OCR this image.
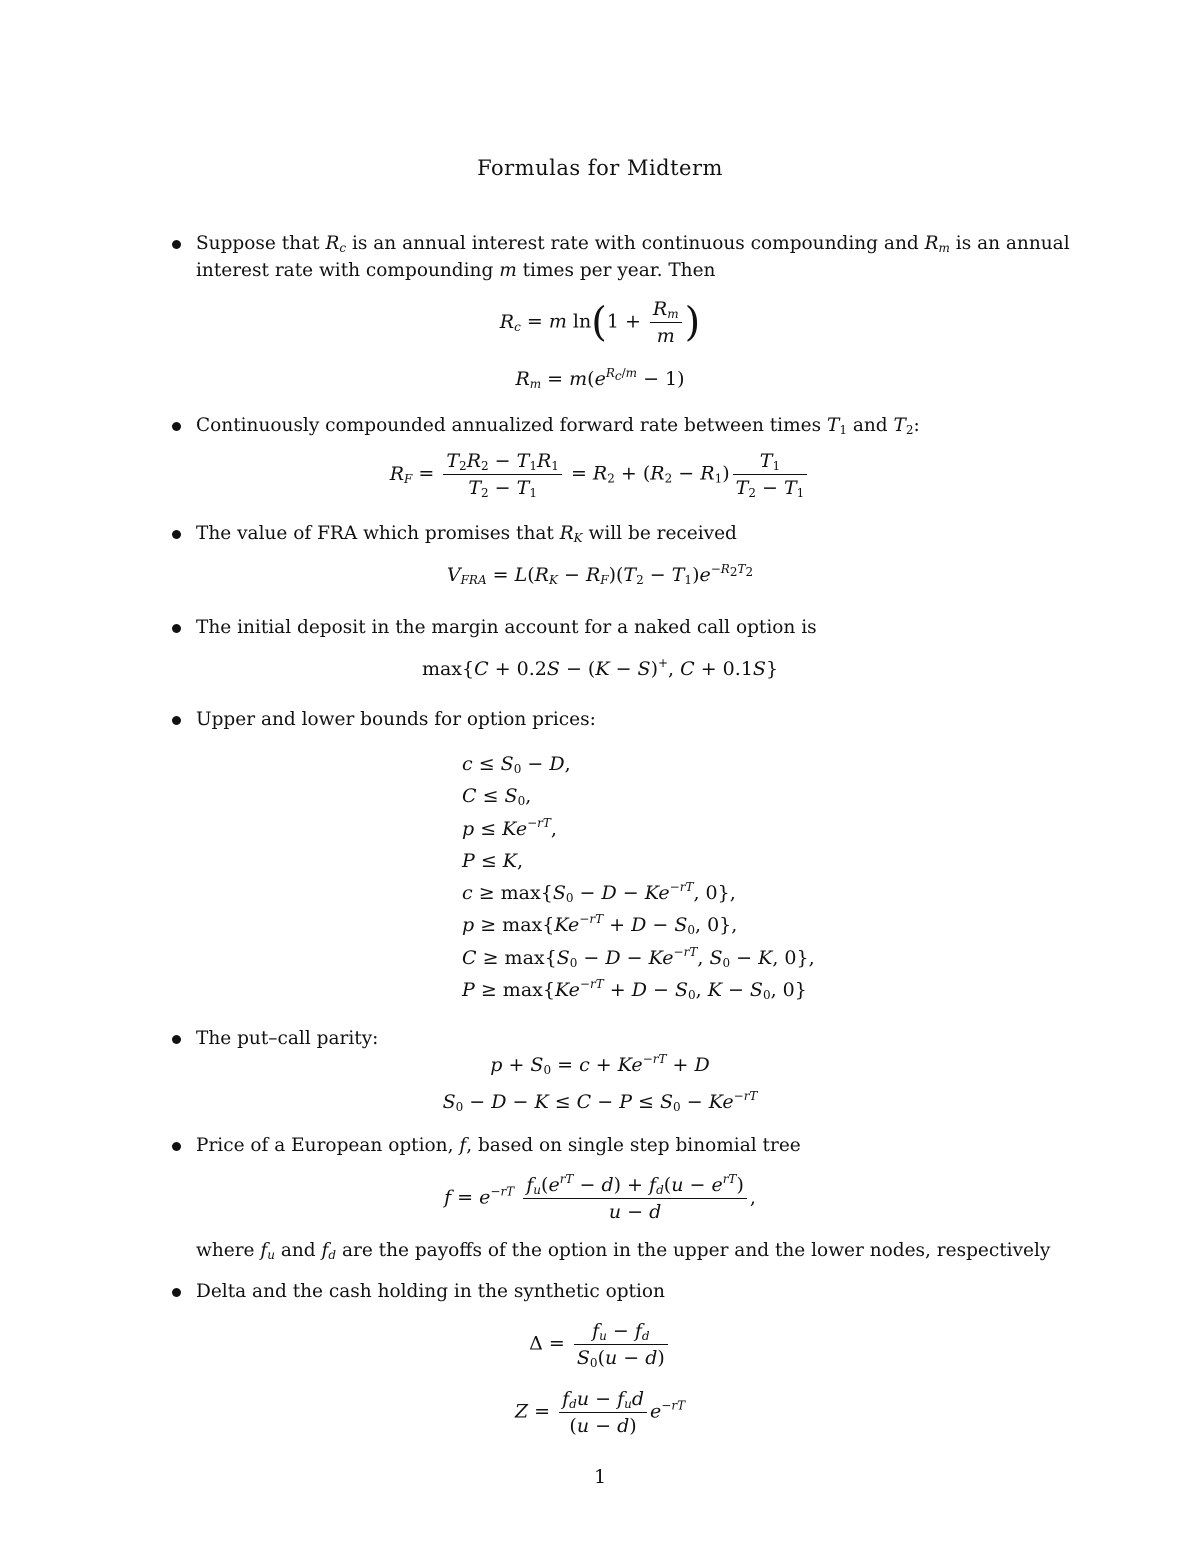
Formulas for Midterm
Suppose that $R_c$ is an annual interest rate with continuous compounding and $R_m$ is an annual interest rate with compounding m times per year. Then
$R_c = m$ $\ln(1 + \frac{R_m}{m}$ )
$R_m = m(e^{R_c/m} - 1)$
Continuously compounded annualized forward rate between times $T_1$ and $T_2$:
$R_F = \frac{T_2R_2 - T_1R_1}{T_2 - T_1} = R_2 + (R_2 - R_1) \frac{T_1}{T_2 - T_1}$
The value of FRA which promises that $R_K$ will be received
$V_{FRA} = L(R_K - R_F)(T_2 - T_1)e^{-R_2T_2}$
The initial deposit in the margin account for a naked call option is
max{C + 0.2S − (K − S)+, C + 0.1S}
Upper and lower bounds for option prices:
$c \le S_0 - D$,
$C \le S_0$,
$p \le Ke^{-rT}$,
P ≤ K,
$c \ge \max\{S_0 - D - Ke^{-rT}$, 0},
$p \ge \max\{Ke^{-rT} + D - S_0$, 0},
$C \ge \max\{S_0 - D - Ke^{-rT}$, $S_0 - K$, 0},
$P \ge \max\{Ke^{-rT} + D - S_0$, $K - S_0$, 0}
The put–call parity:
$p + S_0 = c + Ke^{-rT} + D$
$S_0 - D - K \le C - P \le S_0 - Ke^{-rT}$
Price of a European option, f, based on single step binomial tree
$f = e^{-rT} \frac{f_u(e^{rT} - d) + f_d(u - e^{rT})}{u - d}$ ,
where $f_u$ and $f_d$ are the payoffs of the option in the upper and the lower nodes, respectively
Delta and the cash holding in the synthetic option
$\Delta = \frac{f_u - f_d}{S_0(u - d)}$
$Z = \frac{f_du - f_ud}{(u - d)} e^{-rT}$
1
